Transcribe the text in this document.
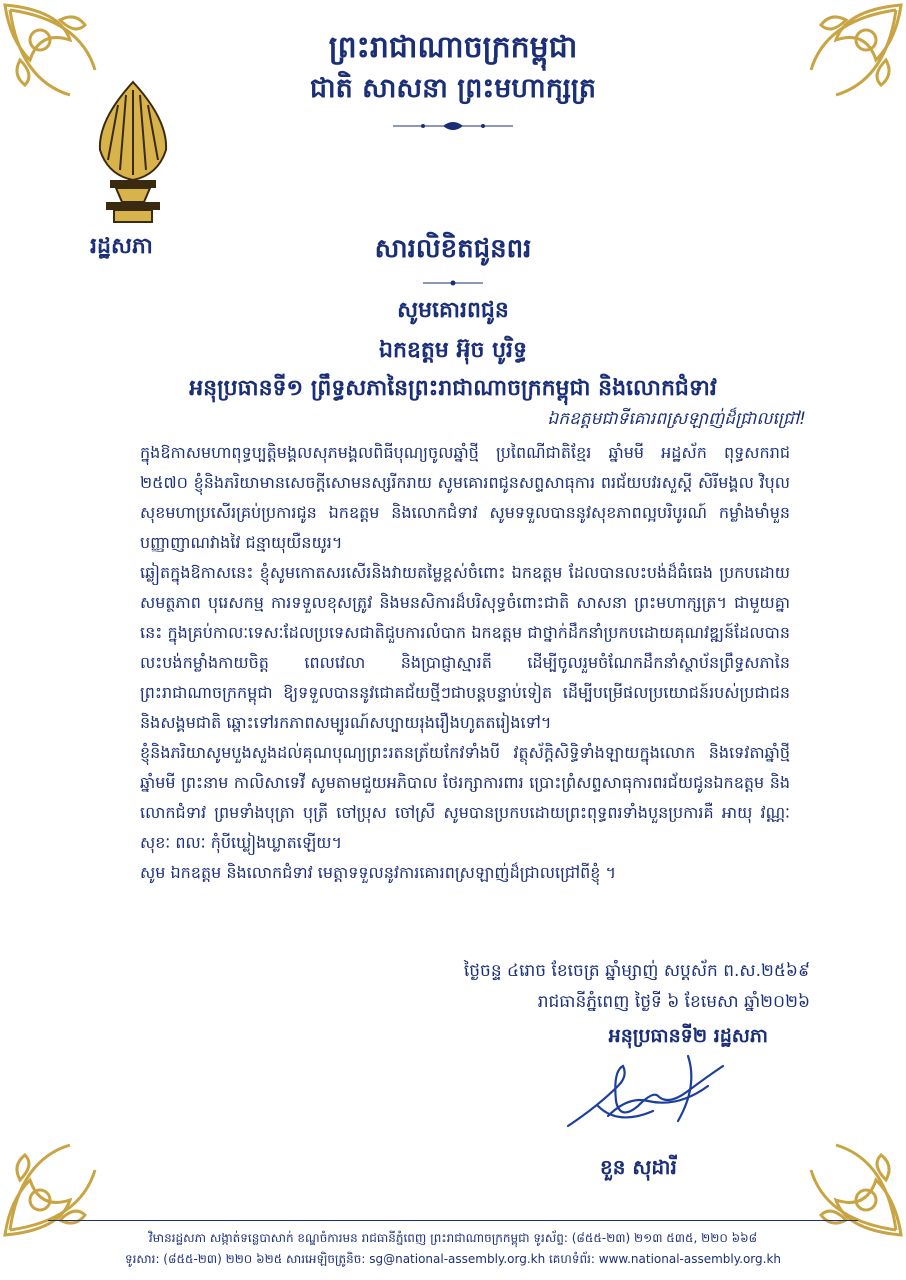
ព្រះរាជាណាចក្រកម្ពុជា
ជាតិ សាសនា ព្រះមហាក្សត្រ
រដ្ឋសភា	សារលិខិតជូនពរ
សូមគោរពជូន
ឯកឧត្តម អ៊ុច បូរិទ្ធ
អនុប្រធានទី១ ព្រឹទ្ធសភានៃព្រះរាជាណាចក្រកម្ពុជា និងលោកជំទាវ
ឯកឧត្តមជាទីគោរពស្រឡាញ់ដ៏ជ្រាលជ្រៅ!

ក្នុងឱកាសមហាពុទ្ធប្បត្តិមង្គលសុភមង្គលពិធីបុណ្យចូលឆ្នាំថ្មី ប្រពៃណីជាតិខ្មែរ ឆ្នាំមមី អដ្ឋស័ក ពុទ្ធសករាជ ២៥៧០ ខ្ញុំនិងភរិយាមានសេចក្តីសោមនស្សរីករាយ សូមគោរពជូនសព្ទសាធុការ ពរជ័យបវរសួស្តី សិរីមង្គល វិបុលសុខមហាប្រសើរគ្រប់ប្រការជូន ឯកឧត្តម និងលោកជំទាវ សូមទទួលបាននូវសុខភាពល្អបរិបូរណ៍ កម្លាំងមាំមួន បញ្ញាញាណវាងវៃ ជន្មាយុយឺនយូរ។

ឆ្លៀតក្នុងឱកាសនេះ ខ្ញុំសូមកោតសរសើរនិងវាយតម្លៃខ្ពស់ចំពោះ ឯកឧត្តម ដែលបានលះបង់ដ៏ធំធេង ប្រកបដោយសមត្ថភាព បុរេសកម្ម ការទទួលខុសត្រូវ និងមនសិការដ៏បរិសុទ្ធចំពោះជាតិ សាសនា ព្រះមហាក្សត្រ។ ជាមួយគ្នានេះ ក្នុងគ្រប់កាលៈទេសៈដែលប្រទេសជាតិជួបការលំបាក ឯកឧត្តម ជាថ្នាក់ដឹកនាំប្រកបដោយគុណវឌ្ឍន៍ដែលបានលះបង់កម្លាំងកាយចិត្ត ពេលវេលា និងប្រាជ្ញាស្មារតី ដើម្បីចូលរួមចំណែកដឹកនាំស្ថាប័នព្រឹទ្ធសភានៃព្រះរាជាណាចក្រកម្ពុជា ឱ្យទទួលបាននូវជោគជ័យថ្មីៗជាបន្តបន្ទាប់ទៀត ដើម្បីបម្រើផលប្រយោជន៍របស់ប្រជាជន និងសង្គមជាតិ ឆ្ពោះទៅរកភាពសម្បូរណ៍សប្បាយរុងរឿងហូតតរៀងទៅ។

ខ្ញុំនិងភរិយាសូមបួងសួងដល់គុណបុណ្យព្រះរតនត្រ័យកែវទាំងបី វត្ថុស័ក្តិសិទ្ធិទាំងឡាយក្នុងលោក និងទេវតាឆ្នាំថ្មី ឆ្នាំមមី ព្រះនាម កាលិសាទេវី សូមតាមជួយអភិបាល ថែរក្សាការពារ ប្រោះព្រំសព្ទសាធុការពរជ័យជូនឯកឧត្តម និងលោកជំទាវ ព្រមទាំងបុត្រា បុត្រី ចៅប្រុស ចៅស្រី សូមបានប្រកបដោយព្រះពុទ្ធពរទាំងបួនប្រការគឺ អាយុ វណ្ណៈ សុខៈ ពលៈ កុំបីឃ្លៀងឃ្លាតឡើយ។

សូម ឯកឧត្តម និងលោកជំទាវ មេត្តាទទួលនូវការគោរពស្រឡាញ់ដ៏ជ្រាលជ្រៅពីខ្ញុំ ។

ថ្ងៃចន្ទ ៤រោច ខែចេត្រ ឆ្នាំម្សាញ់ សប្តស័ក ព.ស.២៥៦៩
រាជធានីភ្នំពេញ ថ្ងៃទី ៦ ខែមេសា ឆ្នាំ២០២៦
អនុប្រធានទី២ រដ្ឋសភា
ខួន សុដារី
វិមានរដ្ឋសភា សង្កាត់ទន្លេបាសាក់ ខណ្ឌចំការមន រាជធានីភ្នំពេញ ព្រះរាជាណាចក្រកម្ពុជា ទូរស័ព្ទ: (៨៥៥-២៣) ២១៣ ៥៣៥, ២២០ ៦៦៨
ទូរសារ: (៨៥៥-២៣) ២២០ ៦២៥ សារអេឡិចត្រូនិច: sg@national-assembly.org.kh គេហទំព័រ: www.national-assembly.org.kh
